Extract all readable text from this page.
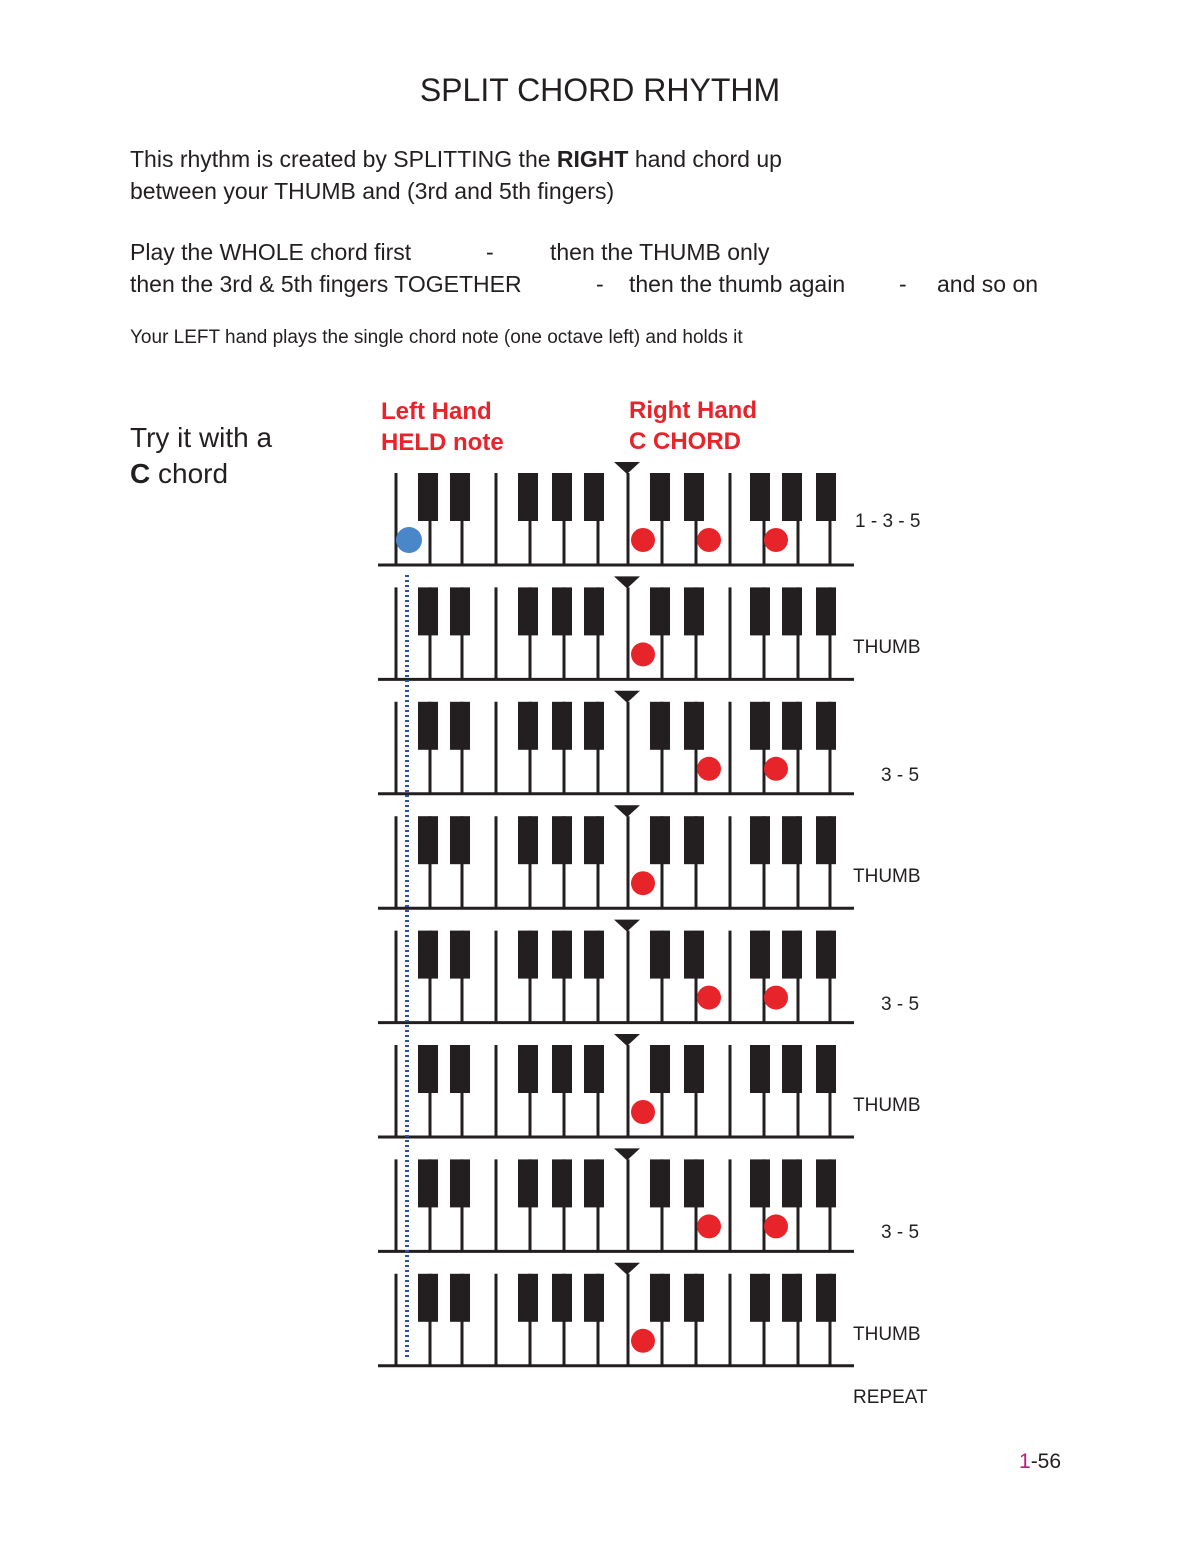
SPLIT CHORD RHYTHM
This rhythm is created by SPLITTING the RIGHT hand chord up
between your THUMB and (3rd and 5th fingers)
Play the WHOLE chord first	- then the THUMB only
then the 3rd & 5th fingers TOGETHER	- then the thumb again - and so on
Your LEFT hand plays the single chord note (one octave left) and holds it
Try it with a
C chord
Left Hand
HELD note
Right Hand
C CHORD
1 - 3 - 5
THUMB
3 - 5
THUMB
3 - 5
THUMB
3 - 5
THUMB
REPEAT
1-56
